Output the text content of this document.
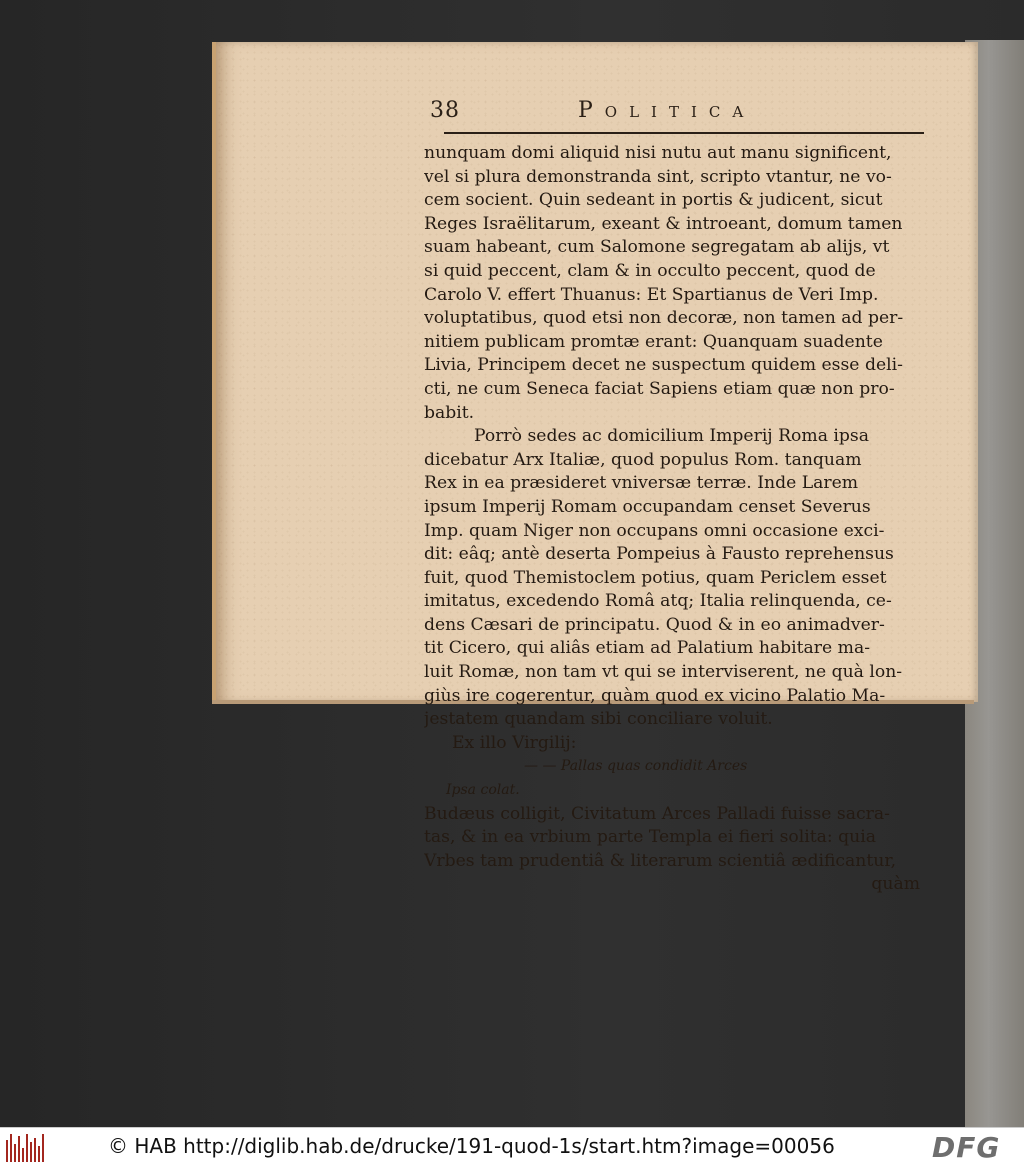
38	Politica
nunquam domi aliquid nisi nutu aut manu significent,
vel si plura demonstranda sint, scripto vtantur, ne vo-
cem socient. Quin sedeant in portis & judicent, sicut
Reges Israëlitarum, exeant & introeant, domum tamen
suam habeant, cum Salomone segregatam ab alijs, vt
si quid peccent, clam & in occulto peccent, quod de
Carolo V. effert Thuanus: Et Spartianus de Veri Imp.
voluptatibus, quod etsi non decoræ, non tamen ad per-
nitiem publicam promtæ erant: Quanquam suadente
Livia, Principem decet ne suspectum quidem esse deli-
cti, ne cum Seneca faciat Sapiens etiam quæ non pro-
babit.
Porrò sedes ac domicilium Imperij Roma ipsa
dicebatur Arx Italiæ, quod populus Rom. tanquam
Rex in ea præsideret vniversæ terræ. Inde Larem
ipsum Imperij Romam occupandam censet Severus
Imp. quam Niger non occupans omni occasione exci-
dit: eâq; antè deserta Pompeius à Fausto reprehensus
fuit, quod Themistoclem potius, quam Periclem esset
imitatus, excedendo Româ atq; Italia relinquenda, ce-
dens Cæsari de principatu. Quod & in eo animadver-
tit Cicero, qui aliâs etiam ad Palatium habitare ma-
luit Romæ, non tam vt qui se interviserent, ne quà lon-
giùs ire cogerentur, quàm quod ex vicino Palatio Ma-
jestatem quandam sibi conciliare voluit.
Ex illo Virgilij:
— — Pallas quas condidit Arces
Ipsa colat.
Budæus colligit, Civitatum Arces Palladi fuisse sacra-
tas, & in ea vrbium parte Templa ei fieri solita: quia
Vrbes tam prudentiâ & literarum scientiâ ædificantur,
quàm
© HAB http://diglib.hab.de/drucke/191-quod-1s/start.htm?image=00056	DFG
